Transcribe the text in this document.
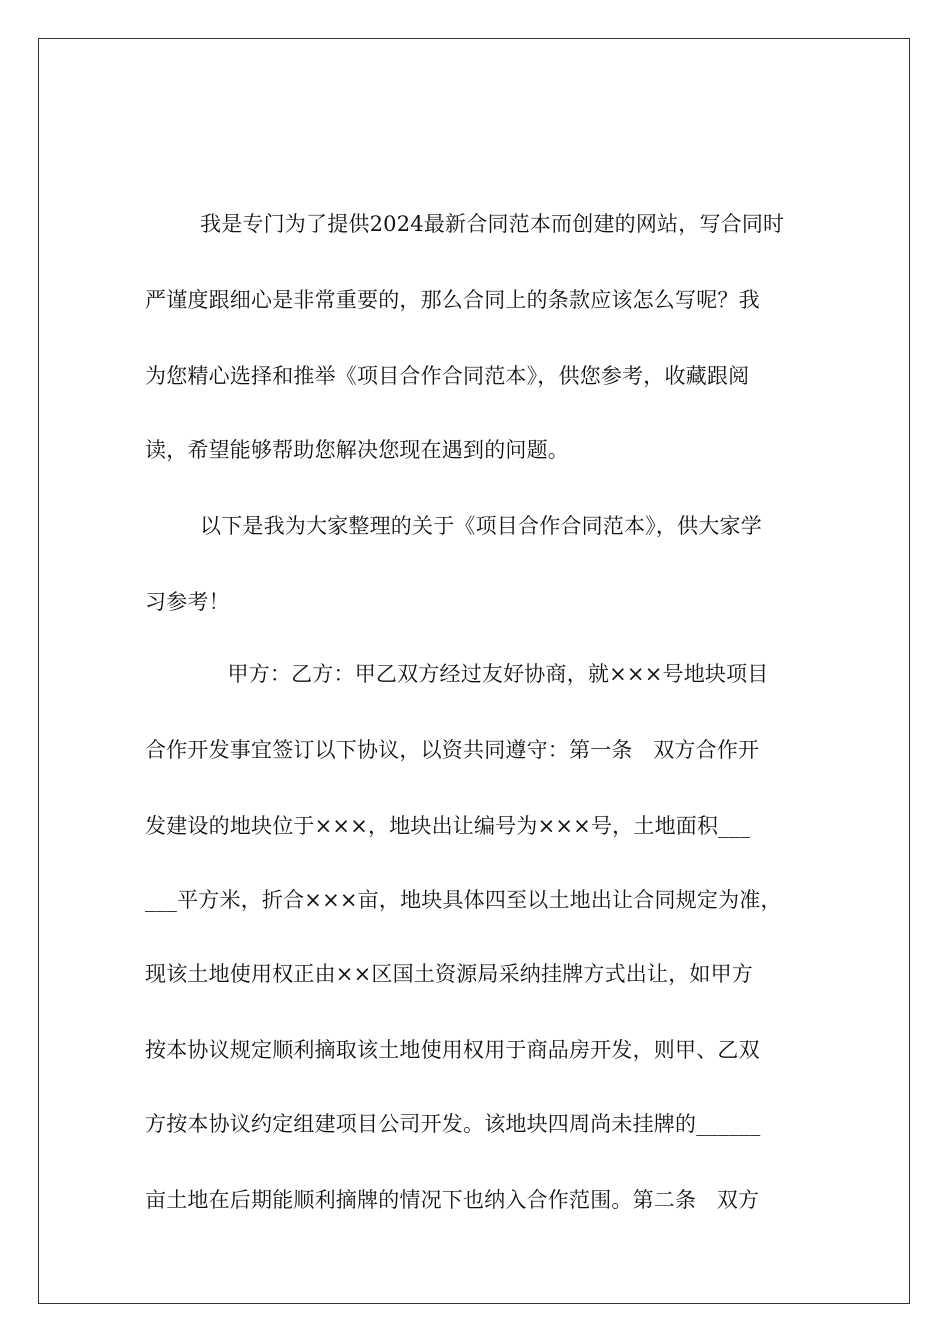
我是专门为了提供2024最新合同范本而创建的网站，写合同时
严谨度跟细心是非常重要的，那么合同上的条款应该怎么写呢？我
为您精心选择和推举《项目合作合同范本》，供您参考，收藏跟阅
读，希望能够帮助您解决您现在遇到的问题。
以下是我为大家整理的关于《项目合作合同范本》，供大家学
习参考！
甲方：乙方：甲乙双方经过友好协商，就×××号地块项目
合作开发事宜签订以下协议，以资共同遵守：第一条   双方合作开
发建设的地块位于×××，地块出让编号为×××号，土地面积___
___平方米，折合×××亩，地块具体四至以土地出让合同规定为准，
现该土地使用权正由××区国土资源局采纳挂牌方式出让，如甲方
按本协议规定顺利摘取该土地使用权用于商品房开发，则甲、乙双
方按本协议约定组建项目公司开发。该地块四周尚未挂牌的______
亩土地在后期能顺利摘牌的情况下也纳入合作范围。第二条   双方
